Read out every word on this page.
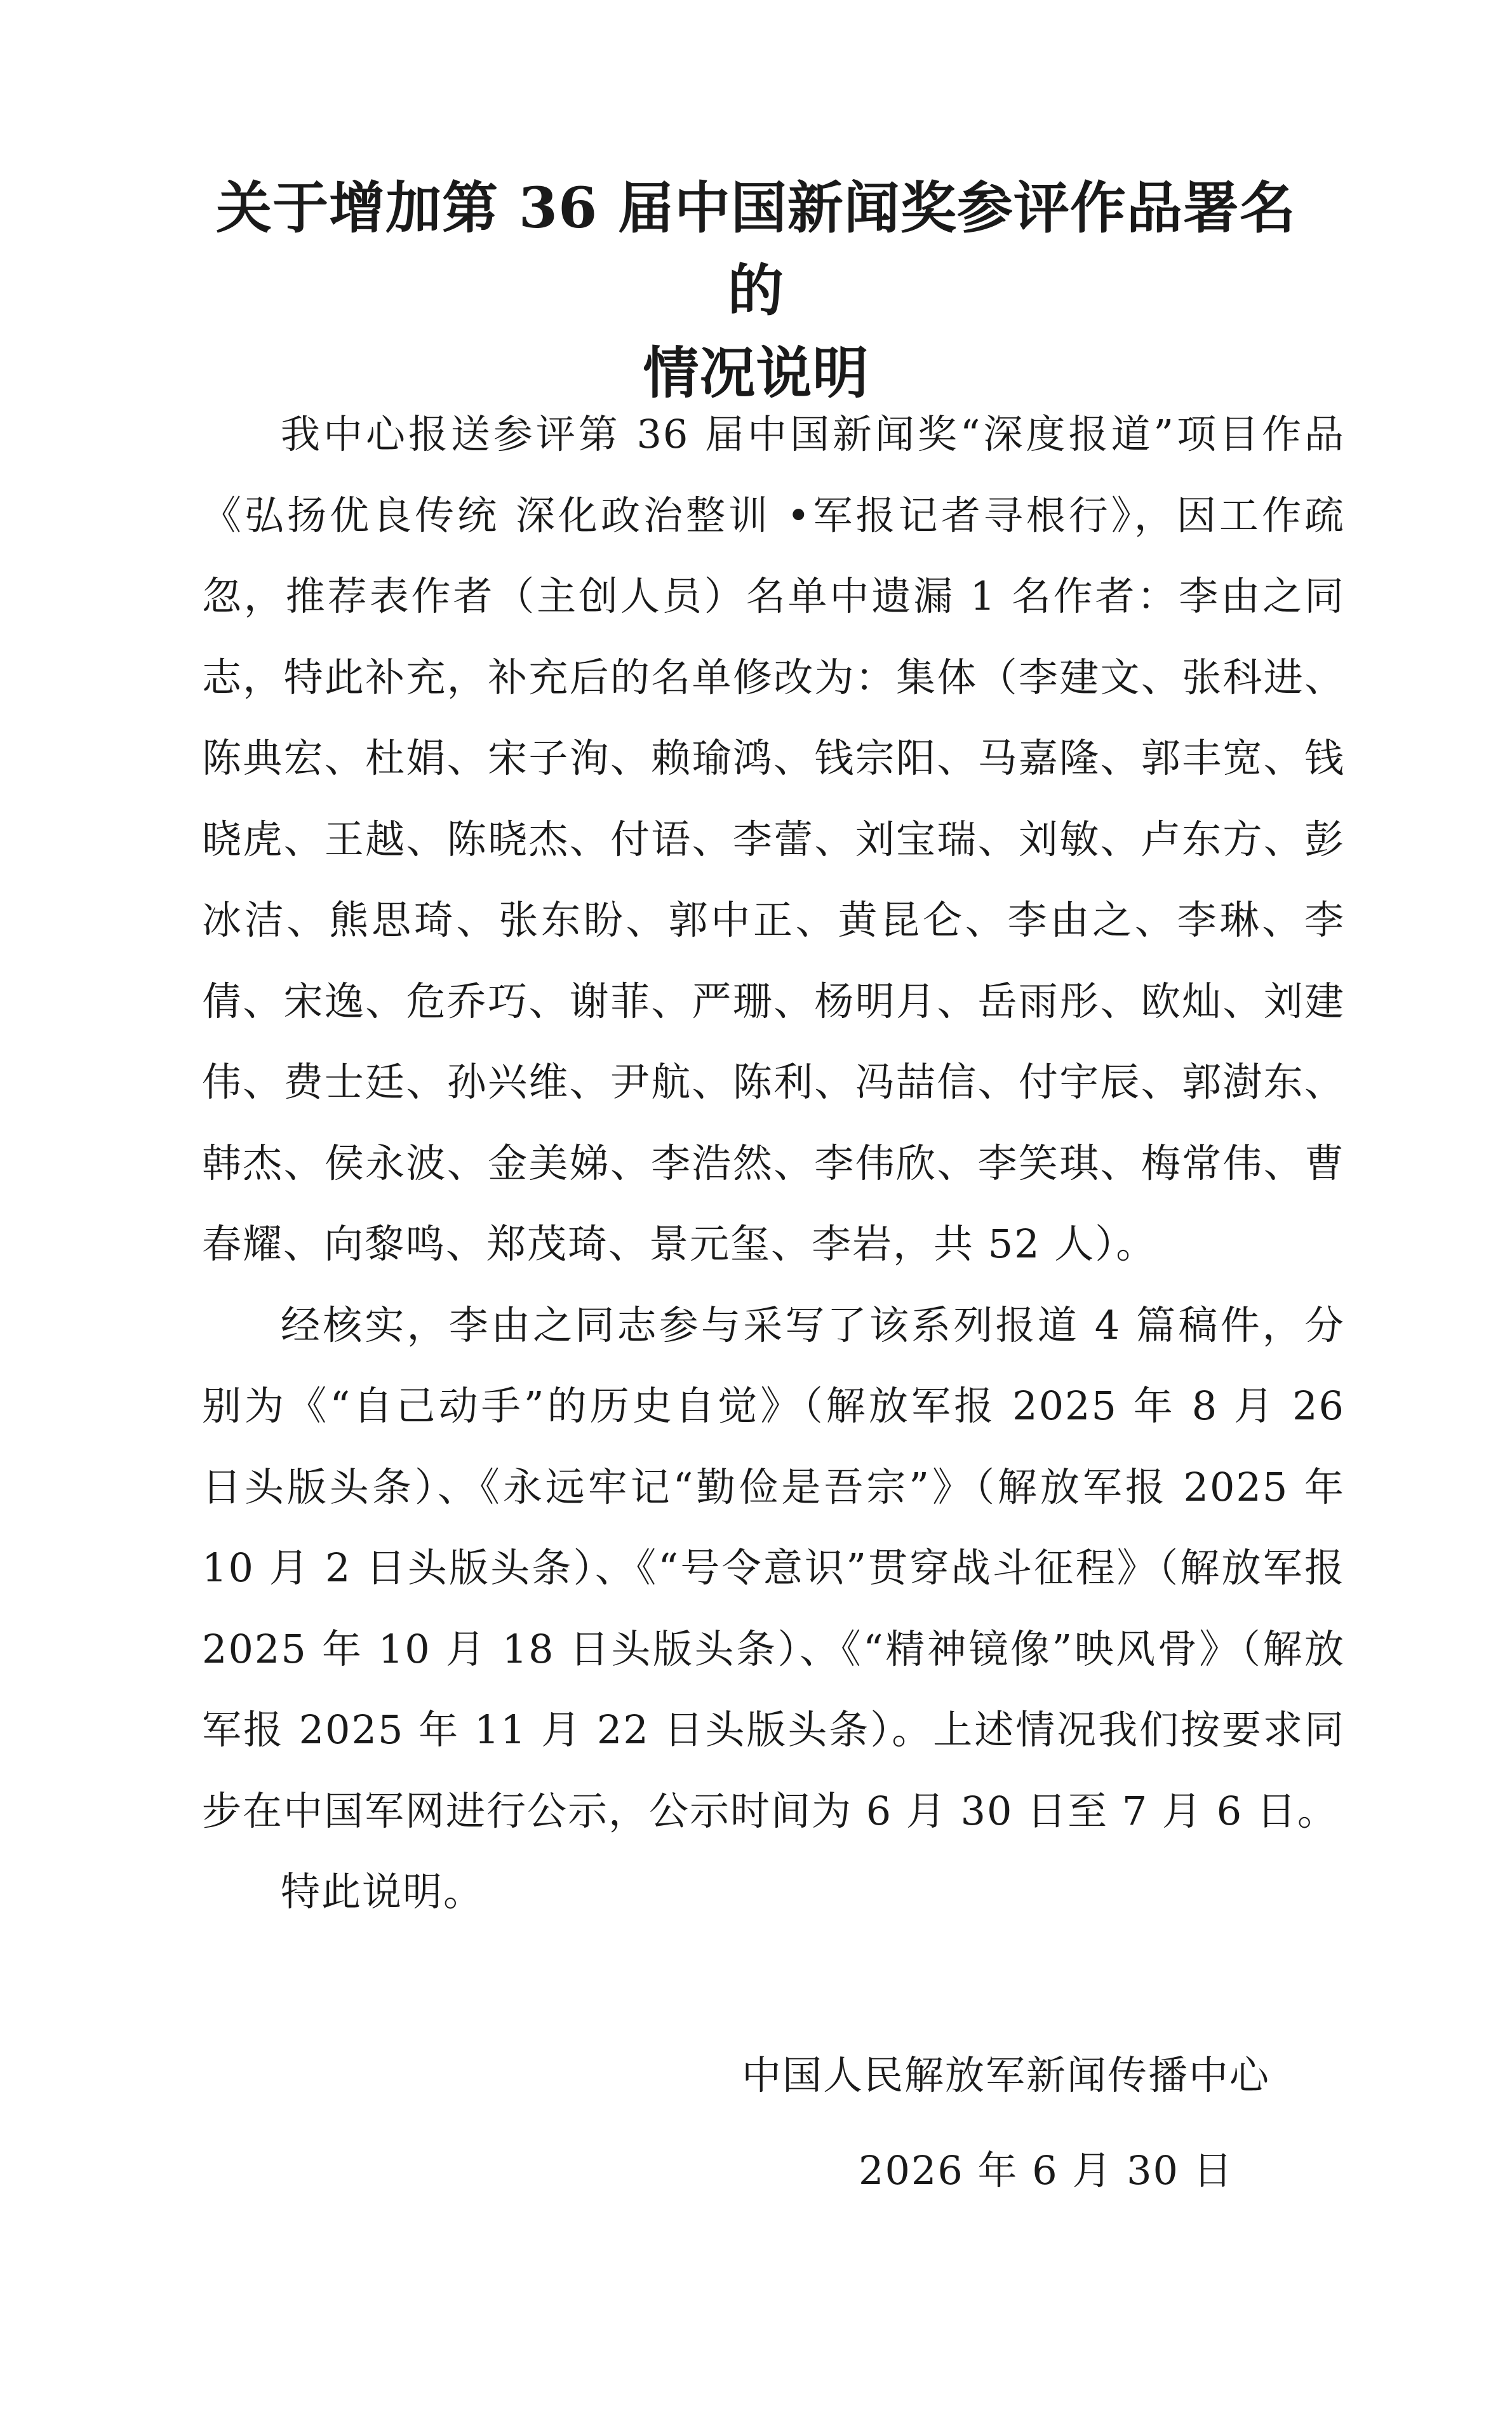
关于增加第 36 届中国新闻奖参评作品署名的
情况说明

我中心报送参评第 36 届中国新闻奖“深度报道”项目作品《弘扬优良传统 深化政治整训 •军报记者寻根行》，因工作疏忽，推荐表作者（主创人员）名单中遗漏 1 名作者：李由之同志，特此补充，补充后的名单修改为：集体（李建文、张科进、陈典宏、杜娟、宋子洵、赖瑜鸿、钱宗阳、马嘉隆、郭丰宽、钱晓虎、王越、陈晓杰、付语、李蕾、刘宝瑞、刘敏、卢东方、彭冰洁、熊思琦、张东盼、郭中正、黄昆仑、李由之、李琳、李倩、宋逸、危乔巧、谢菲、严珊、杨明月、岳雨彤、欧灿、刘建伟、费士廷、孙兴维、尹航、陈利、冯喆信、付宇辰、郭澍东、韩杰、侯永波、金美娣、李浩然、李伟欣、李笑琪、梅常伟、曹春耀、向黎鸣、郑茂琦、景元玺、李岩，共 52 人）。

经核实，李由之同志参与采写了该系列报道 4 篇稿件，分别为《“自己动手”的历史自觉》（解放军报 2025 年 8 月 26 日头版头条）、《永远牢记“勤俭是吾宗”》（解放军报 2025 年 10 月 2 日头版头条）、《“号令意识”贯穿战斗征程》（解放军报 2025 年 10 月 18 日头版头条）、《“精神镜像”映风骨》（解放军报 2025 年 11 月 22 日头版头条）。上述情况我们按要求同步在中国军网进行公示，公示时间为 6 月 30 日至 7 月 6 日。

特此说明。

中国人民解放军新闻传播中心
2026 年 6 月 30 日
